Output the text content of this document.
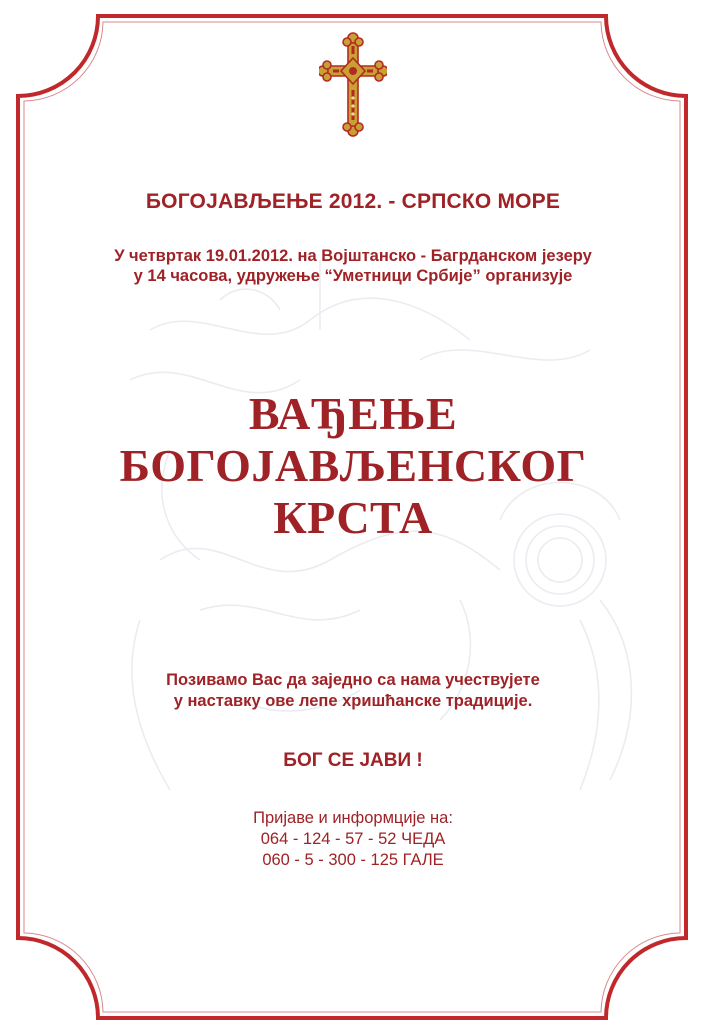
БОГОЈАВЉЕЊЕ 2012. - СРПСКО МОРЕ

У четвртак 19.01.2012. на Војштанско - Багрданском језеру
у 14 часова, удружење “Уметници Србије” организује

ВАЂЕЊЕ
БОГОЈАВЉЕНСКОГ
КРСТА

Позивамо Вас да заједно са нама учествујете
у наставку ове лепе хришћанске традиције.

БОГ СЕ ЈАВИ !

Пријаве и информције на:
064 - 124 - 57 - 52 ЧЕДА
060 - 5 - 300 - 125 ГАЛЕ
